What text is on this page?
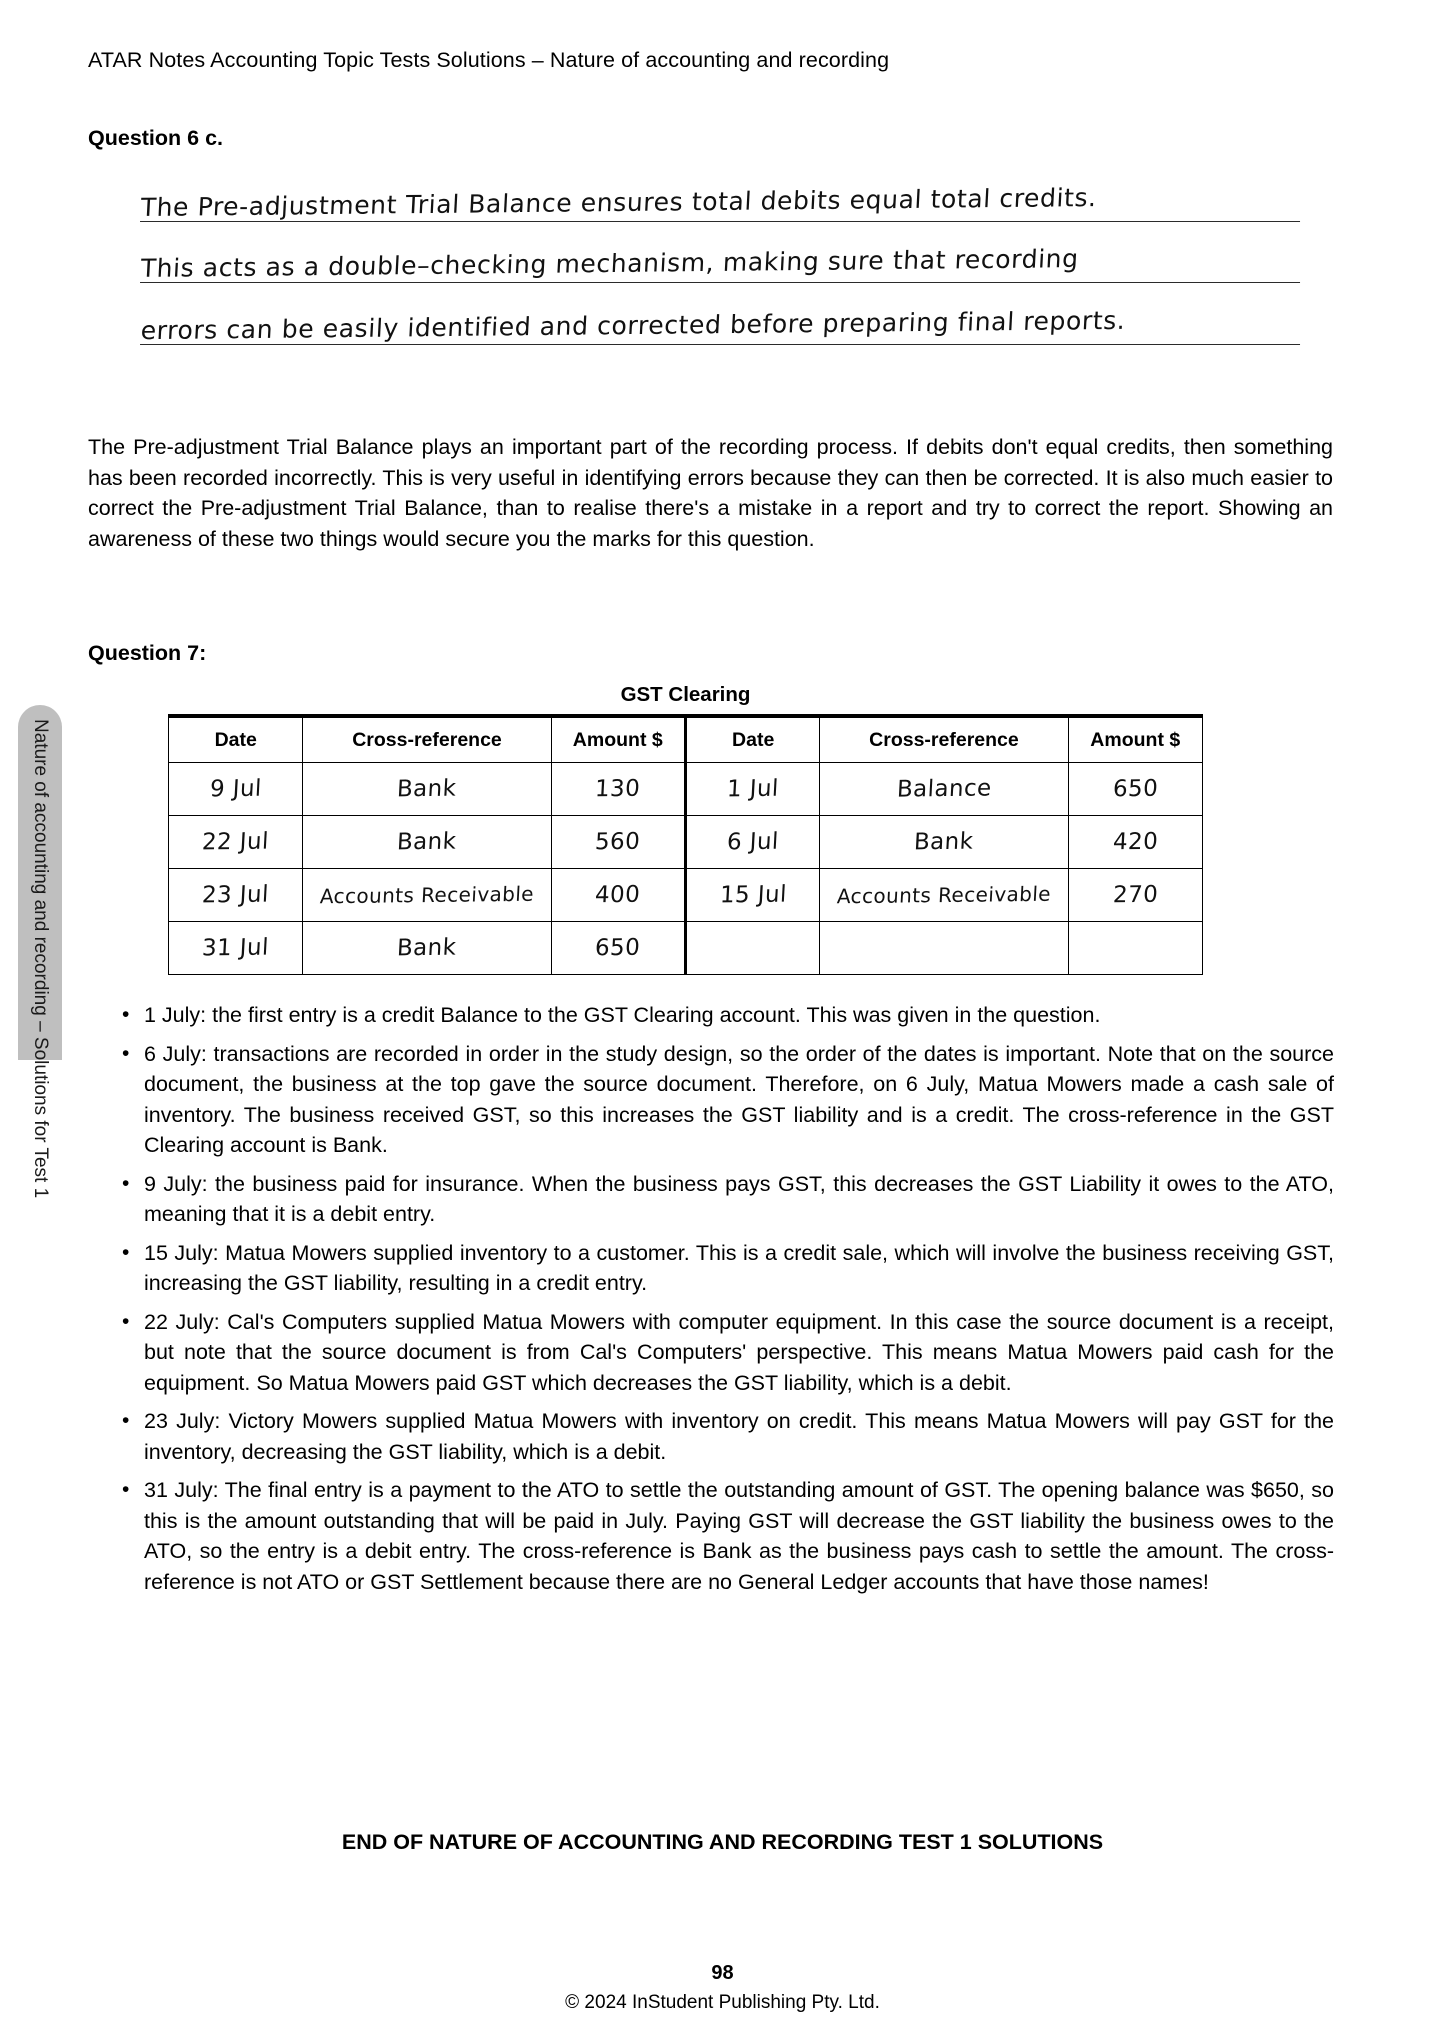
ATAR Notes Accounting Topic Tests Solutions – Nature of accounting and recording
Nature of accounting and recording – Solutions for Test 1
Question 6 c.
The Pre-adjustment Trial Balance ensures total debits equal total credits.
This acts as a double–checking mechanism, making sure that recording
errors can be easily identified and corrected before preparing final reports.
The Pre-adjustment Trial Balance plays an important part of the recording process. If debits don't equal credits, then something has been recorded incorrectly. This is very useful in identifying errors because they can then be corrected. It is also much easier to correct the Pre-adjustment Trial Balance, than to realise there's a mistake in a report and try to correct the report. Showing an awareness of these two things would secure you the marks for this question.
Question 7:
GST Clearing
Date	Cross-reference	Amount $	Date	Cross-reference	Amount $
9 Jul	Bank	130	1 Jul	Balance	650
22 Jul	Bank	560	6 Jul	Bank	420
23 Jul	Accounts Receivable	400	15 Jul	Accounts Receivable	270
31 Jul	Bank	650			
• 1 July: the first entry is a credit Balance to the GST Clearing account. This was given in the question.
• 6 July: transactions are recorded in order in the study design, so the order of the dates is important. Note that on the source document, the business at the top gave the source document. Therefore, on 6 July, Matua Mowers made a cash sale of inventory. The business received GST, so this increases the GST liability and is a credit. The cross-reference in the GST Clearing account is Bank.
• 9 July: the business paid for insurance. When the business pays GST, this decreases the GST Liability it owes to the ATO, meaning that it is a debit entry.
• 15 July: Matua Mowers supplied inventory to a customer. This is a credit sale, which will involve the business receiving GST, increasing the GST liability, resulting in a credit entry.
• 22 July: Cal's Computers supplied Matua Mowers with computer equipment. In this case the source document is a receipt, but note that the source document is from Cal's Computers' perspective. This means Matua Mowers paid cash for the equipment. So Matua Mowers paid GST which decreases the GST liability, which is a debit.
• 23 July: Victory Mowers supplied Matua Mowers with inventory on credit. This means Matua Mowers will pay GST for the inventory, decreasing the GST liability, which is a debit.
• 31 July: The final entry is a payment to the ATO to settle the outstanding amount of GST. The opening balance was $650, so this is the amount outstanding that will be paid in July. Paying GST will decrease the GST liability the business owes to the ATO, so the entry is a debit entry. The cross-reference is Bank as the business pays cash to settle the amount. The cross-reference is not ATO or GST Settlement because there are no General Ledger accounts that have those names!
END OF NATURE OF ACCOUNTING AND RECORDING TEST 1 SOLUTIONS
98
© 2024 InStudent Publishing Pty. Ltd.
